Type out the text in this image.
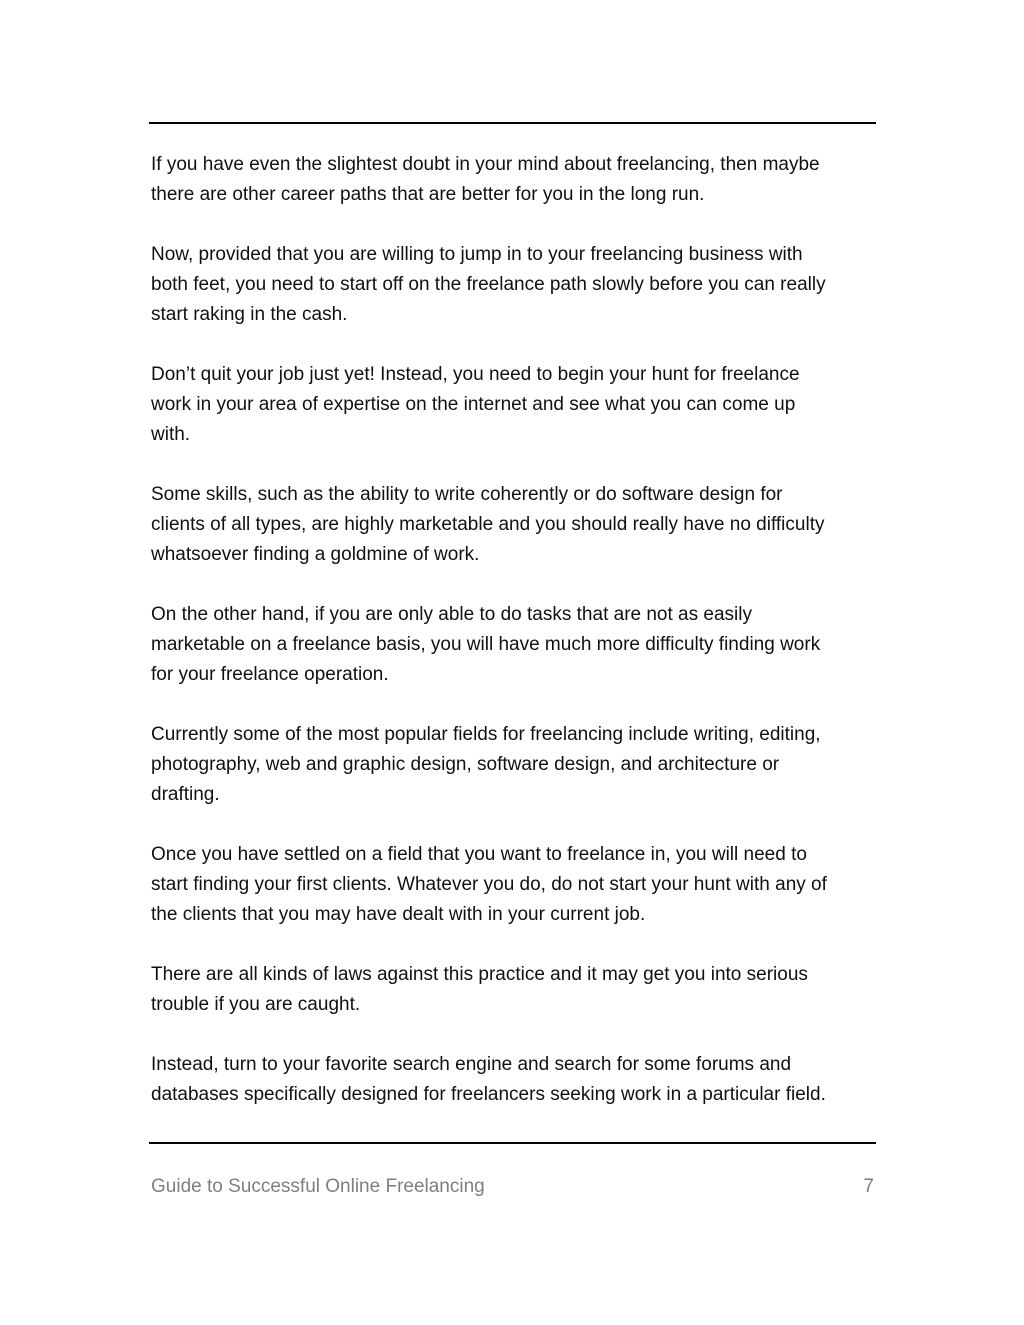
If you have even the slightest doubt in your mind about freelancing, then maybe
there are other career paths that are better for you in the long run.

Now, provided that you are willing to jump in to your freelancing business with
both feet, you need to start off on the freelance path slowly before you can really
start raking in the cash.

Don’t quit your job just yet! Instead, you need to begin your hunt for freelance
work in your area of expertise on the internet and see what you can come up
with.

Some skills, such as the ability to write coherently or do software design for
clients of all types, are highly marketable and you should really have no difficulty
whatsoever finding a goldmine of work.

On the other hand, if you are only able to do tasks that are not as easily
marketable on a freelance basis, you will have much more difficulty finding work
for your freelance operation.

Currently some of the most popular fields for freelancing include writing, editing,
photography, web and graphic design, software design, and architecture or
drafting.

Once you have settled on a field that you want to freelance in, you will need to
start finding your first clients. Whatever you do, do not start your hunt with any of
the clients that you may have dealt with in your current job.

There are all kinds of laws against this practice and it may get you into serious
trouble if you are caught.

Instead, turn to your favorite search engine and search for some forums and
databases specifically designed for freelancers seeking work in a particular field.

Guide to Successful Online Freelancing	7
